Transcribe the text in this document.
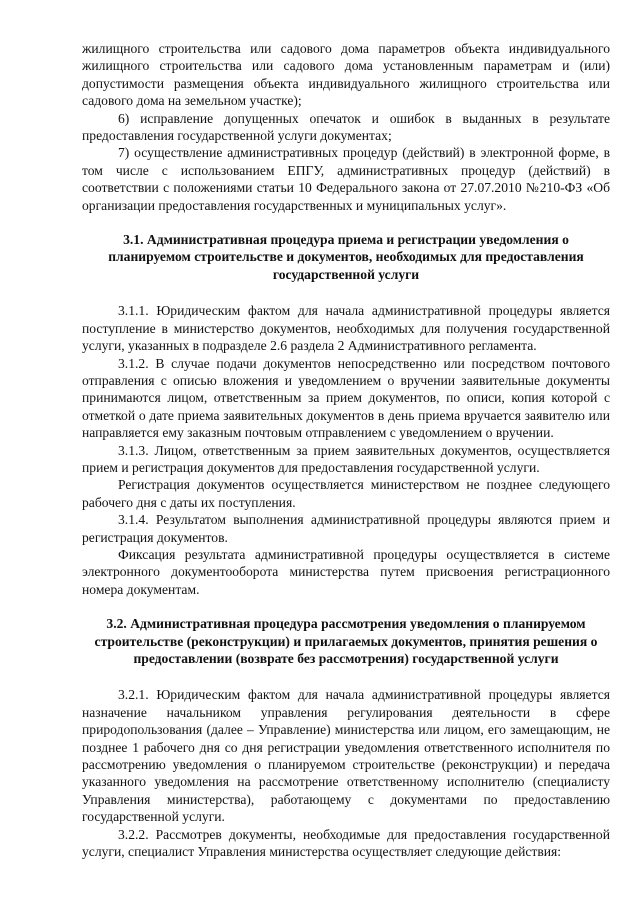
жилищного строительства или садового дома параметров объекта индивидуального жилищного строительства или садового дома установленным параметрам и (или) допустимости размещения объекта индивидуального жилищного строительства или садового дома на земельном участке);

6) исправление допущенных опечаток и ошибок в выданных в результате предоставления государственной услуги документах;

7) осуществление административных процедур (действий) в электронной форме, в том числе с использованием ЕПГУ, административных процедур (действий) в соответствии с положениями статьи 10 Федерального закона от 27.07.2010 №210-ФЗ «Об организации предоставления государственных и муниципальных услуг».

3.1. Административная процедура приема и регистрации уведомления о планируемом строительстве и документов, необходимых для предоставления государственной услуги

3.1.1. Юридическим фактом для начала административной процедуры является поступление в министерство документов, необходимых для получения государственной услуги, указанных в подразделе 2.6 раздела 2 Административного регламента.

3.1.2. В случае подачи документов непосредственно или посредством почтового отправления с описью вложения и уведомлением о вручении заявительные документы принимаются лицом, ответственным за прием документов, по описи, копия которой с отметкой о дате приема заявительных документов в день приема вручается заявителю или направляется ему заказным почтовым отправлением с уведомлением о вручении.

3.1.3. Лицом, ответственным за прием заявительных документов, осуществляется прием и регистрация документов для предоставления государственной услуги.

Регистрация документов осуществляется министерством не позднее следующего рабочего дня с даты их поступления.

3.1.4. Результатом выполнения административной процедуры являются прием и регистрация документов.

Фиксация результата административной процедуры осуществляется в системе электронного документооборота министерства путем присвоения регистрационного номера документам.

3.2. Административная процедура рассмотрения уведомления о планируемом строительстве (реконструкции) и прилагаемых документов, принятия решения о предоставлении (возврате без рассмотрения) государственной услуги

3.2.1. Юридическим фактом для начала административной процедуры является назначение начальником управления регулирования деятельности в сфере природопользования (далее – Управление) министерства или лицом, его замещающим, не позднее 1 рабочего дня со дня регистрации уведомления ответственного исполнителя по рассмотрению уведомления о планируемом строительстве (реконструкции) и передача указанного уведомления на рассмотрение ответственному исполнителю (специалисту Управления министерства), работающему с документами по предоставлению государственной услуги.

3.2.2. Рассмотрев документы, необходимые для предоставления государственной услуги, специалист Управления министерства осуществляет следующие действия:
